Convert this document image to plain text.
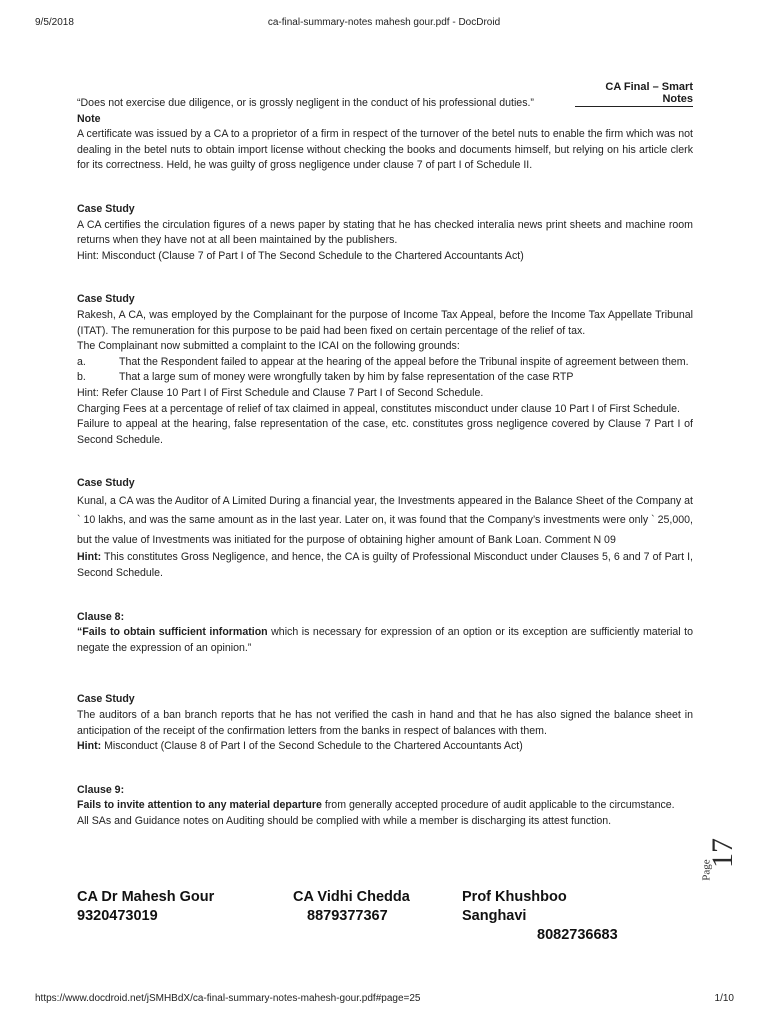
9/5/2018	ca-final-summary-notes mahesh gour.pdf - DocDroid
CA Final – Smart Notes

“Does not exercise due diligence, or is grossly negligent in the conduct of his professional duties.”

Note

A certificate was issued by a CA to a proprietor of a firm in respect of the turnover of the betel nuts to enable the firm which was not dealing in the betel nuts to obtain import license without checking the books and documents himself, but relying on his article clerk for its correctness. Held, he was guilty of gross negligence under clause 7 of part I of Schedule II.

Case Study

A CA certifies the circulation figures of a news paper by stating that he has checked interalia news print sheets and machine room returns when they have not at all been maintained by the publishers.

Hint: Misconduct (Clause 7 of Part I of The Second Schedule to the Chartered Accountants Act)

Case Study

Rakesh, A CA, was employed by the Complainant for the purpose of Income Tax Appeal, before the Income Tax Appellate Tribunal (ITAT). The remuneration for this purpose to be paid had been fixed on certain percentage of the relief of tax.

The Complainant now submitted a complaint to the ICAI on the following grounds:

a.	That the Respondent failed to appear at the hearing of the appeal before the Tribunal inspite of agreement between them.
b.	That a large sum of money were wrongfully taken by him by false representation of the case RTP

Hint: Refer Clause 10 Part I of First Schedule and Clause 7 Part I of Second Schedule.

Charging Fees at a percentage of relief of tax claimed in appeal, constitutes misconduct under clause 10 Part I of First Schedule.

Failure to appeal at the hearing, false representation of the case, etc. constitutes gross negligence covered by Clause 7 Part I of Second Schedule.

Case Study

Kunal, a CA was the Auditor of A Limited During a financial year, the Investments appeared in the Balance Sheet of the Company at ` 10 lakhs, and was the same amount as in the last year. Later on, it was found that the Company’s investments were only ` 25,000, but the value of Investments was initiated for the purpose of obtaining higher amount of Bank Loan. Comment N 09

Hint: This constitutes Gross Negligence, and hence, the CA is guilty of Professional Misconduct under Clauses 5, 6 and 7 of Part I, Second Schedule.

Clause 8:

“Fails to obtain sufficient information which is necessary for expression of an option or its exception are sufficiently material to negate the expression of an opinion.”

Case Study

The auditors of a ban branch reports that he has not verified the cash in hand and that he has also signed the balance sheet in anticipation of the receipt of the confirmation letters from the banks in respect of balances with them.

Hint: Misconduct (Clause 8 of Part I of the Second Schedule to the Chartered Accountants Act)

Clause 9:

Fails to invite attention to any material departure from generally accepted procedure of audit applicable to the circumstance.

All SAs and Guidance notes on Auditing should be complied with while a member is discharging its attest function.

Page
17
CA Dr Mahesh Gour
9320473019
CA Vidhi Chedda
8879377367
Prof Khushboo Sanghavi
8082736683
https://www.docdroid.net/jSMHBdX/ca-final-summary-notes-mahesh-gour.pdf#page=25	1/10
